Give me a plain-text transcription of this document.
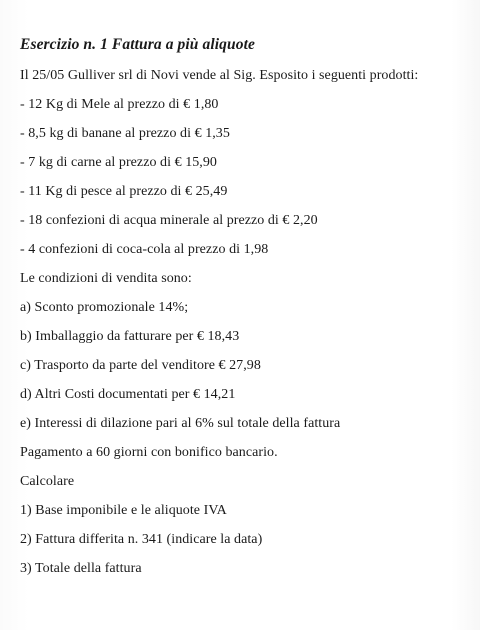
Esercizio n. 1 Fattura a più aliquote
Il 25/05 Gulliver srl di Novi vende al Sig. Esposito i seguenti prodotti:
- 12 Kg di Mele al prezzo di € 1,80
- 8,5 kg di banane al prezzo di € 1,35
- 7 kg di carne al prezzo di € 15,90
- 11 Kg di pesce al prezzo di € 25,49
- 18 confezioni di acqua minerale al prezzo di € 2,20
- 4 confezioni di coca-cola al prezzo di 1,98
Le condizioni di vendita sono:
a) Sconto promozionale 14%;
b) Imballaggio da fatturare per € 18,43
c) Trasporto da parte del venditore € 27,98
d) Altri Costi documentati per € 14,21
e) Interessi di dilazione pari al 6% sul totale della fattura
Pagamento a 60 giorni con bonifico bancario.
Calcolare
1) Base imponibile e le aliquote IVA
2) Fattura differita n. 341 (indicare la data)
3) Totale della fattura
